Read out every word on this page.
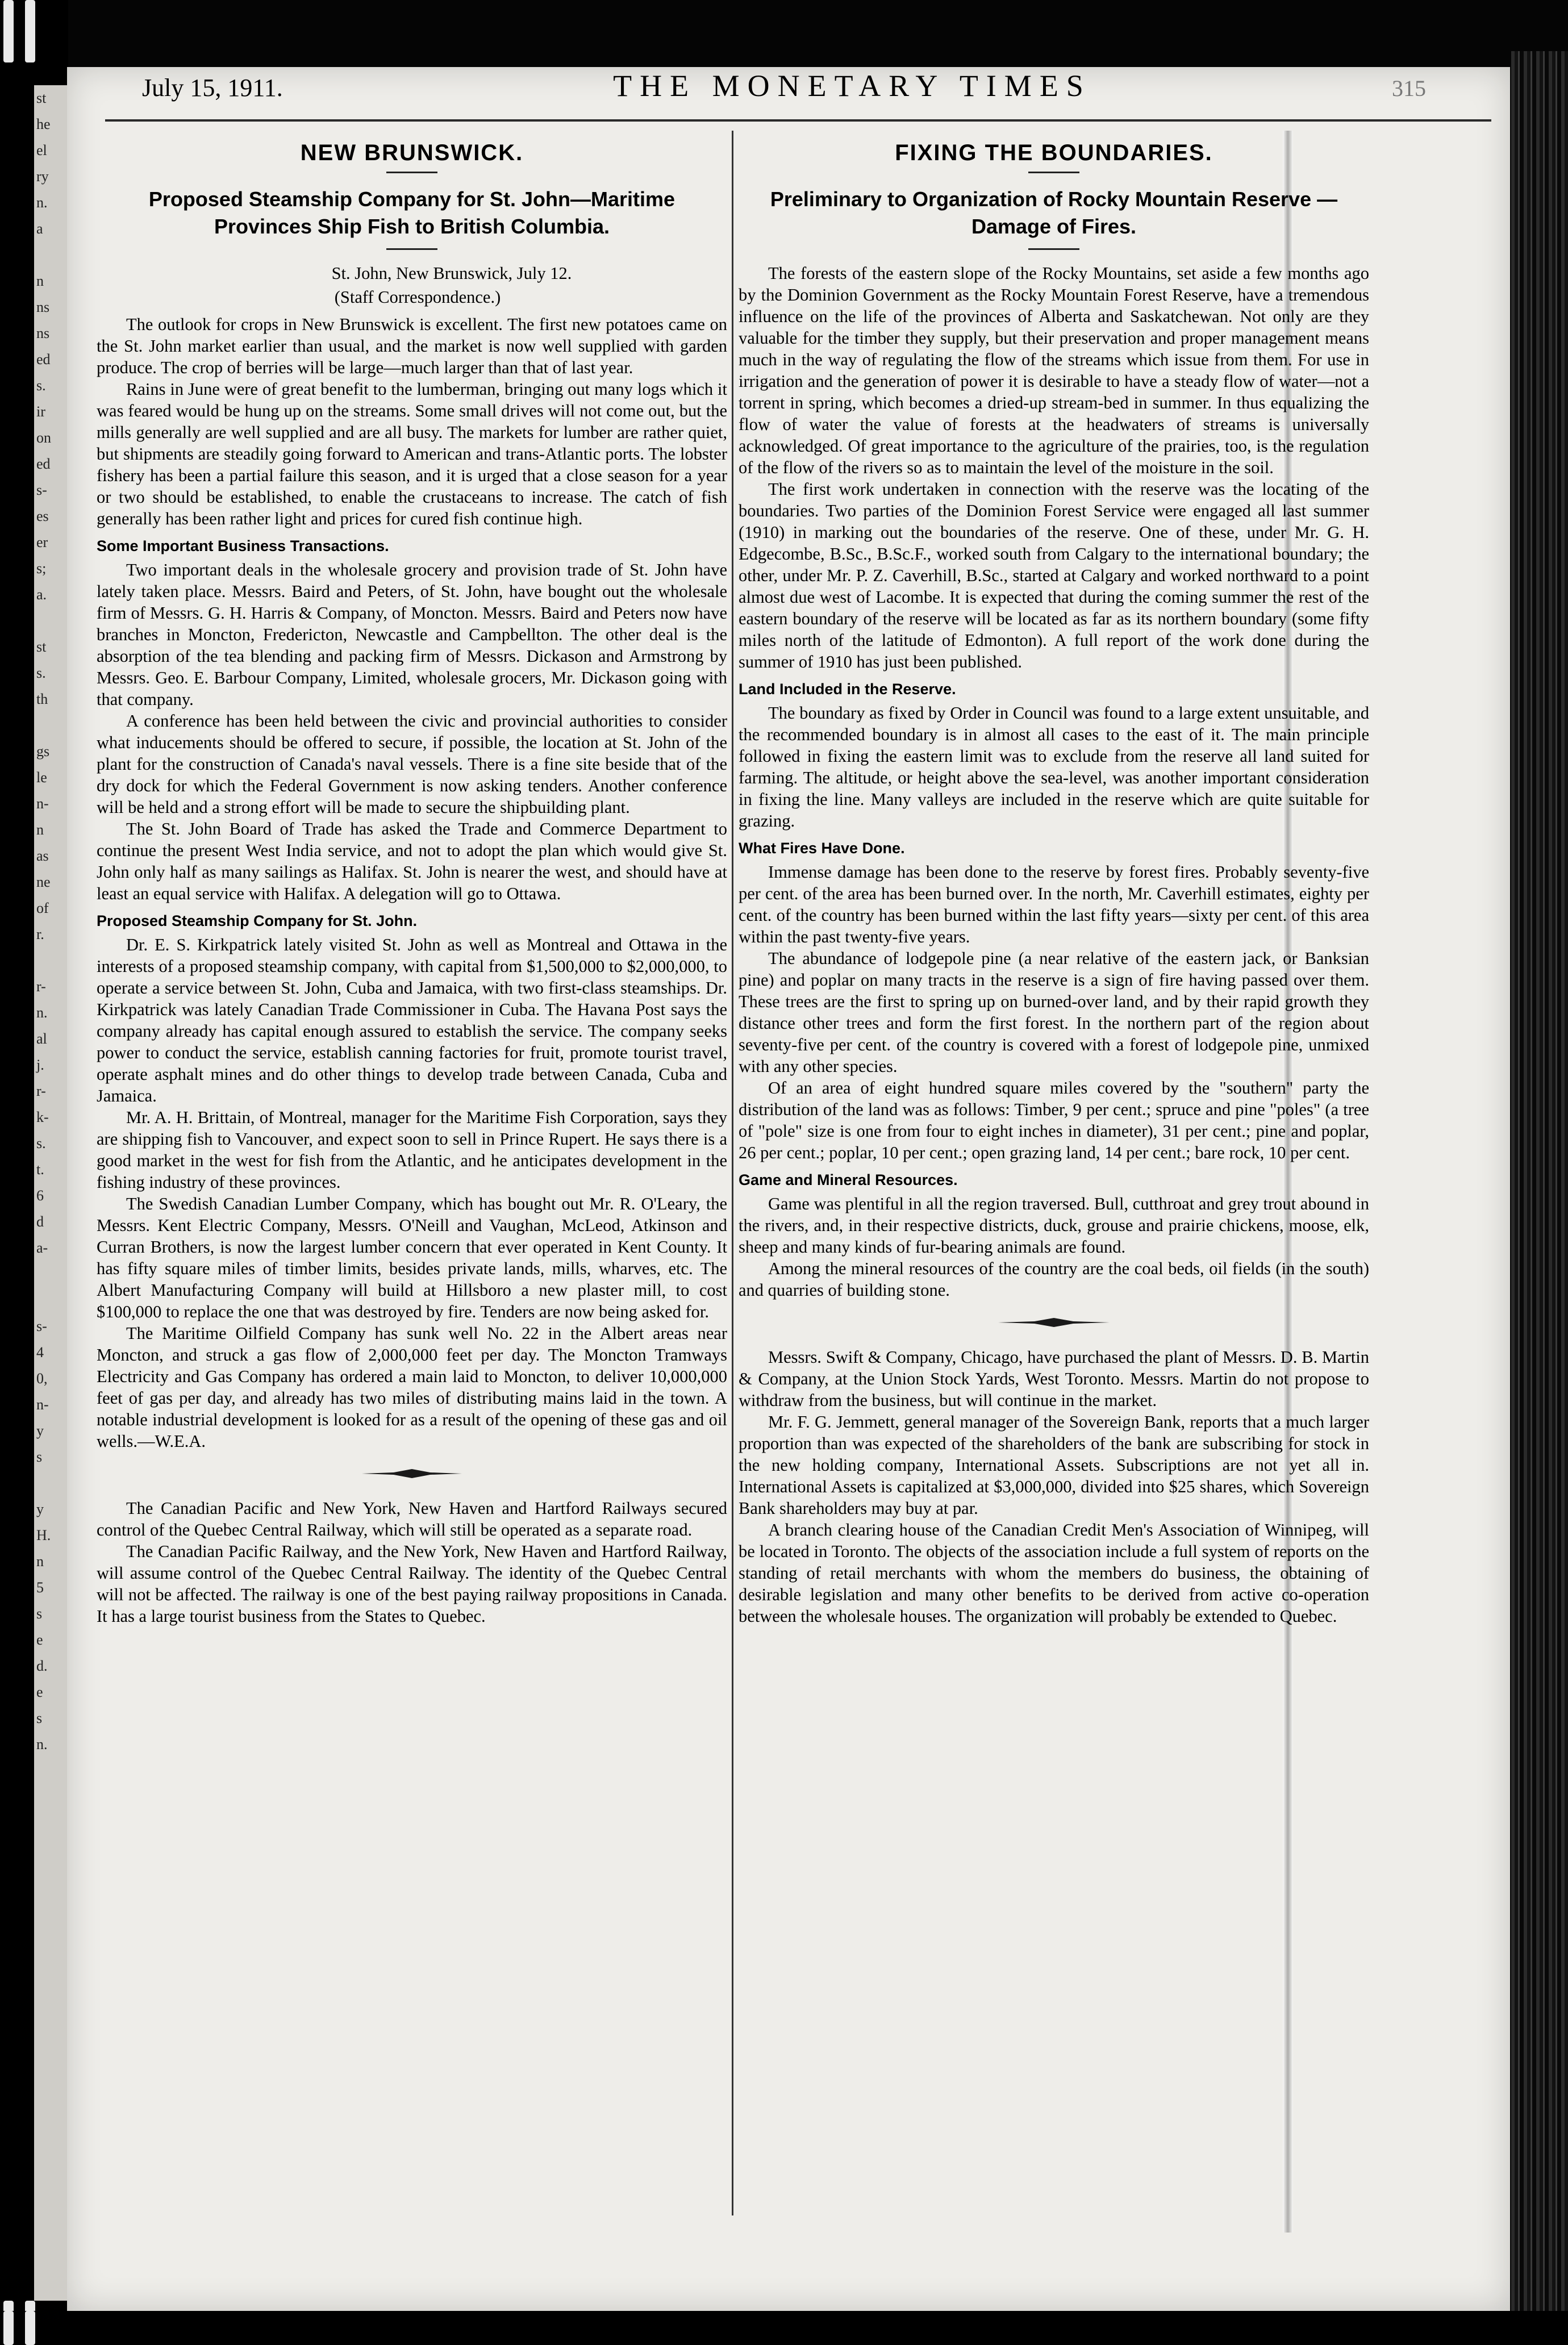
st
he
el
ry
n.
a

n
ns
ns
ed
s.
ir
on
ed
s-
es
er
s;
a.

st
s.
th

gs
le
n-
n
as
ne
of
r.

r-
n.
al
j.
r-
k-
s.
t.
6
d
a-

s-
4
0,
n-
y
s

y
H.
n
5
s
e
d.
e
s
n.
July 15, 1911.	THE MONETARY TIMES	315
NEW BRUNSWICK.
Proposed Steamship Company for St. John—Maritime Provinces Ship Fish to British Columbia.
St. John, New Brunswick, July 12.
(Staff Correspondence.)

The outlook for crops in New Brunswick is excellent. The first new potatoes came on the St. John market earlier than usual, and the market is now well supplied with garden produce. The crop of berries will be large—much larger than that of last year.

Rains in June were of great benefit to the lumberman, bringing out many logs which it was feared would be hung up on the streams. Some small drives will not come out, but the mills generally are well supplied and are all busy. The markets for lumber are rather quiet, but shipments are steadily going forward to American and trans-Atlantic ports. The lobster fishery has been a partial failure this season, and it is urged that a close season for a year or two should be established, to enable the crustaceans to increase. The catch of fish generally has been rather light and prices for cured fish continue high.

Some Important Business Transactions.

Two important deals in the wholesale grocery and provision trade of St. John have lately taken place. Messrs. Baird and Peters, of St. John, have bought out the wholesale firm of Messrs. G. H. Harris & Company, of Moncton. Messrs. Baird and Peters now have branches in Moncton, Fredericton, Newcastle and Campbellton. The other deal is the absorption of the tea blending and packing firm of Messrs. Dickason and Armstrong by Messrs. Geo. E. Barbour Company, Limited, wholesale grocers, Mr. Dickason going with that company.

A conference has been held between the civic and provincial authorities to consider what inducements should be offered to secure, if possible, the location at St. John of the plant for the construction of Canada's naval vessels. There is a fine site beside that of the dry dock for which the Federal Government is now asking tenders. Another conference will be held and a strong effort will be made to secure the shipbuilding plant.

The St. John Board of Trade has asked the Trade and Commerce Department to continue the present West India service, and not to adopt the plan which would give St. John only half as many sailings as Halifax. St. John is nearer the west, and should have at least an equal service with Halifax. A delegation will go to Ottawa.

Proposed Steamship Company for St. John.

Dr. E. S. Kirkpatrick lately visited St. John as well as Montreal and Ottawa in the interests of a proposed steamship company, with capital from $1,500,000 to $2,000,000, to operate a service between St. John, Cuba and Jamaica, with two first-class steamships. Dr. Kirkpatrick was lately Canadian Trade Commissioner in Cuba. The Havana Post says the company already has capital enough assured to establish the service. The company seeks power to conduct the service, establish canning factories for fruit, promote tourist travel, operate asphalt mines and do other things to develop trade between Canada, Cuba and Jamaica.

Mr. A. H. Brittain, of Montreal, manager for the Maritime Fish Corporation, says they are shipping fish to Vancouver, and expect soon to sell in Prince Rupert. He says there is a good market in the west for fish from the Atlantic, and he anticipates development in the fishing industry of these provinces.

The Swedish Canadian Lumber Company, which has bought out Mr. R. O'Leary, the Messrs. Kent Electric Company, Messrs. O'Neill and Vaughan, McLeod, Atkinson and Curran Brothers, is now the largest lumber concern that ever operated in Kent County. It has fifty square miles of timber limits, besides private lands, mills, wharves, etc. The Albert Manufacturing Company will build at Hillsboro a new plaster mill, to cost $100,000 to replace the one that was destroyed by fire. Tenders are now being asked for.

The Maritime Oilfield Company has sunk well No. 22 in the Albert areas near Moncton, and struck a gas flow of 2,000,000 feet per day. The Moncton Tramways Electricity and Gas Company has ordered a main laid to Moncton, to deliver 10,000,000 feet of gas per day, and already has two miles of distributing mains laid in the town. A notable industrial development is looked for as a result of the opening of these gas and oil wells.—W.E.A.

The Canadian Pacific and New York, New Haven and Hartford Railways secured control of the Quebec Central Railway, which will still be operated as a separate road.

The Canadian Pacific Railway, and the New York, New Haven and Hartford Railway, will assume control of the Quebec Central Railway. The identity of the Quebec Central will not be affected. The railway is one of the best paying railway propositions in Canada. It has a large tourist business from the States to Quebec.

FIXING THE BOUNDARIES.
Preliminary to Organization of Rocky Mountain Reserve —Damage of Fires.

The forests of the eastern slope of the Rocky Mountains, set aside a few months ago by the Dominion Government as the Rocky Mountain Forest Reserve, have a tremendous influence on the life of the provinces of Alberta and Saskatchewan. Not only are they valuable for the timber they supply, but their preservation and proper management means much in the way of regulating the flow of the streams which issue from them. For use in irrigation and the generation of power it is desirable to have a steady flow of water—not a torrent in spring, which becomes a dried-up stream-bed in summer. In thus equalizing the flow of water the value of forests at the headwaters of streams is universally acknowledged. Of great importance to the agriculture of the prairies, too, is the regulation of the flow of the rivers so as to maintain the level of the moisture in the soil.

The first work undertaken in connection with the reserve was the locating of the boundaries. Two parties of the Dominion Forest Service were engaged all last summer (1910) in marking out the boundaries of the reserve. One of these, under Mr. G. H. Edgecombe, B.Sc., B.Sc.F., worked south from Calgary to the international boundary; the other, under Mr. P. Z. Caverhill, B.Sc., started at Calgary and worked northward to a point almost due west of Lacombe. It is expected that during the coming summer the rest of the eastern boundary of the reserve will be located as far as its northern boundary (some fifty miles north of the latitude of Edmonton). A full report of the work done during the summer of 1910 has just been published.

Land Included in the Reserve.

The boundary as fixed by Order in Council was found to a large extent unsuitable, and the recommended boundary is in almost all cases to the east of it. The main principle followed in fixing the eastern limit was to exclude from the reserve all land suited for farming. The altitude, or height above the sea-level, was another important consideration in fixing the line. Many valleys are included in the reserve which are quite suitable for grazing.

What Fires Have Done.

Immense damage has been done to the reserve by forest fires. Probably seventy-five per cent. of the area has been burned over. In the north, Mr. Caverhill estimates, eighty per cent. of the country has been burned within the last fifty years—sixty per cent. of this area within the past twenty-five years.

The abundance of lodgepole pine (a near relative of the eastern jack, or Banksian pine) and poplar on many tracts in the reserve is a sign of fire having passed over them. These trees are the first to spring up on burned-over land, and by their rapid growth they distance other trees and form the first forest. In the northern part of the region about seventy-five per cent. of the country is covered with a forest of lodgepole pine, unmixed with any other species.

Of an area of eight hundred square miles covered by the "southern" party the distribution of the land was as follows: Timber, 9 per cent.; spruce and pine "poles" (a tree of "pole" size is one from four to eight inches in diameter), 31 per cent.; pine and poplar, 26 per cent.; poplar, 10 per cent.; open grazing land, 14 per cent.; bare rock, 10 per cent.

Game and Mineral Resources.

Game was plentiful in all the region traversed. Bull, cutthroat and grey trout abound in the rivers, and, in their respective districts, duck, grouse and prairie chickens, moose, elk, sheep and many kinds of fur-bearing animals are found.

Among the mineral resources of the country are the coal beds, oil fields (in the south) and quarries of building stone.

Messrs. Swift & Company, Chicago, have purchased the plant of Messrs. D. B. Martin & Company, at the Union Stock Yards, West Toronto. Messrs. Martin do not propose to withdraw from the business, but will continue in the market.

Mr. F. G. Jemmett, general manager of the Sovereign Bank, reports that a much larger proportion than was expected of the shareholders of the bank are subscribing for stock in the new holding company, International Assets. Subscriptions are not yet all in. International Assets is capitalized at $3,000,000, divided into $25 shares, which Sovereign Bank shareholders may buy at par.

A branch clearing house of the Canadian Credit Men's Association of Winnipeg, will be located in Toronto. The objects of the association include a full system of reports on the standing of retail merchants with whom the members do business, the obtaining of desirable legislation and many other benefits to be derived from active co-operation between the wholesale houses. The organization will probably be extended to Quebec.
